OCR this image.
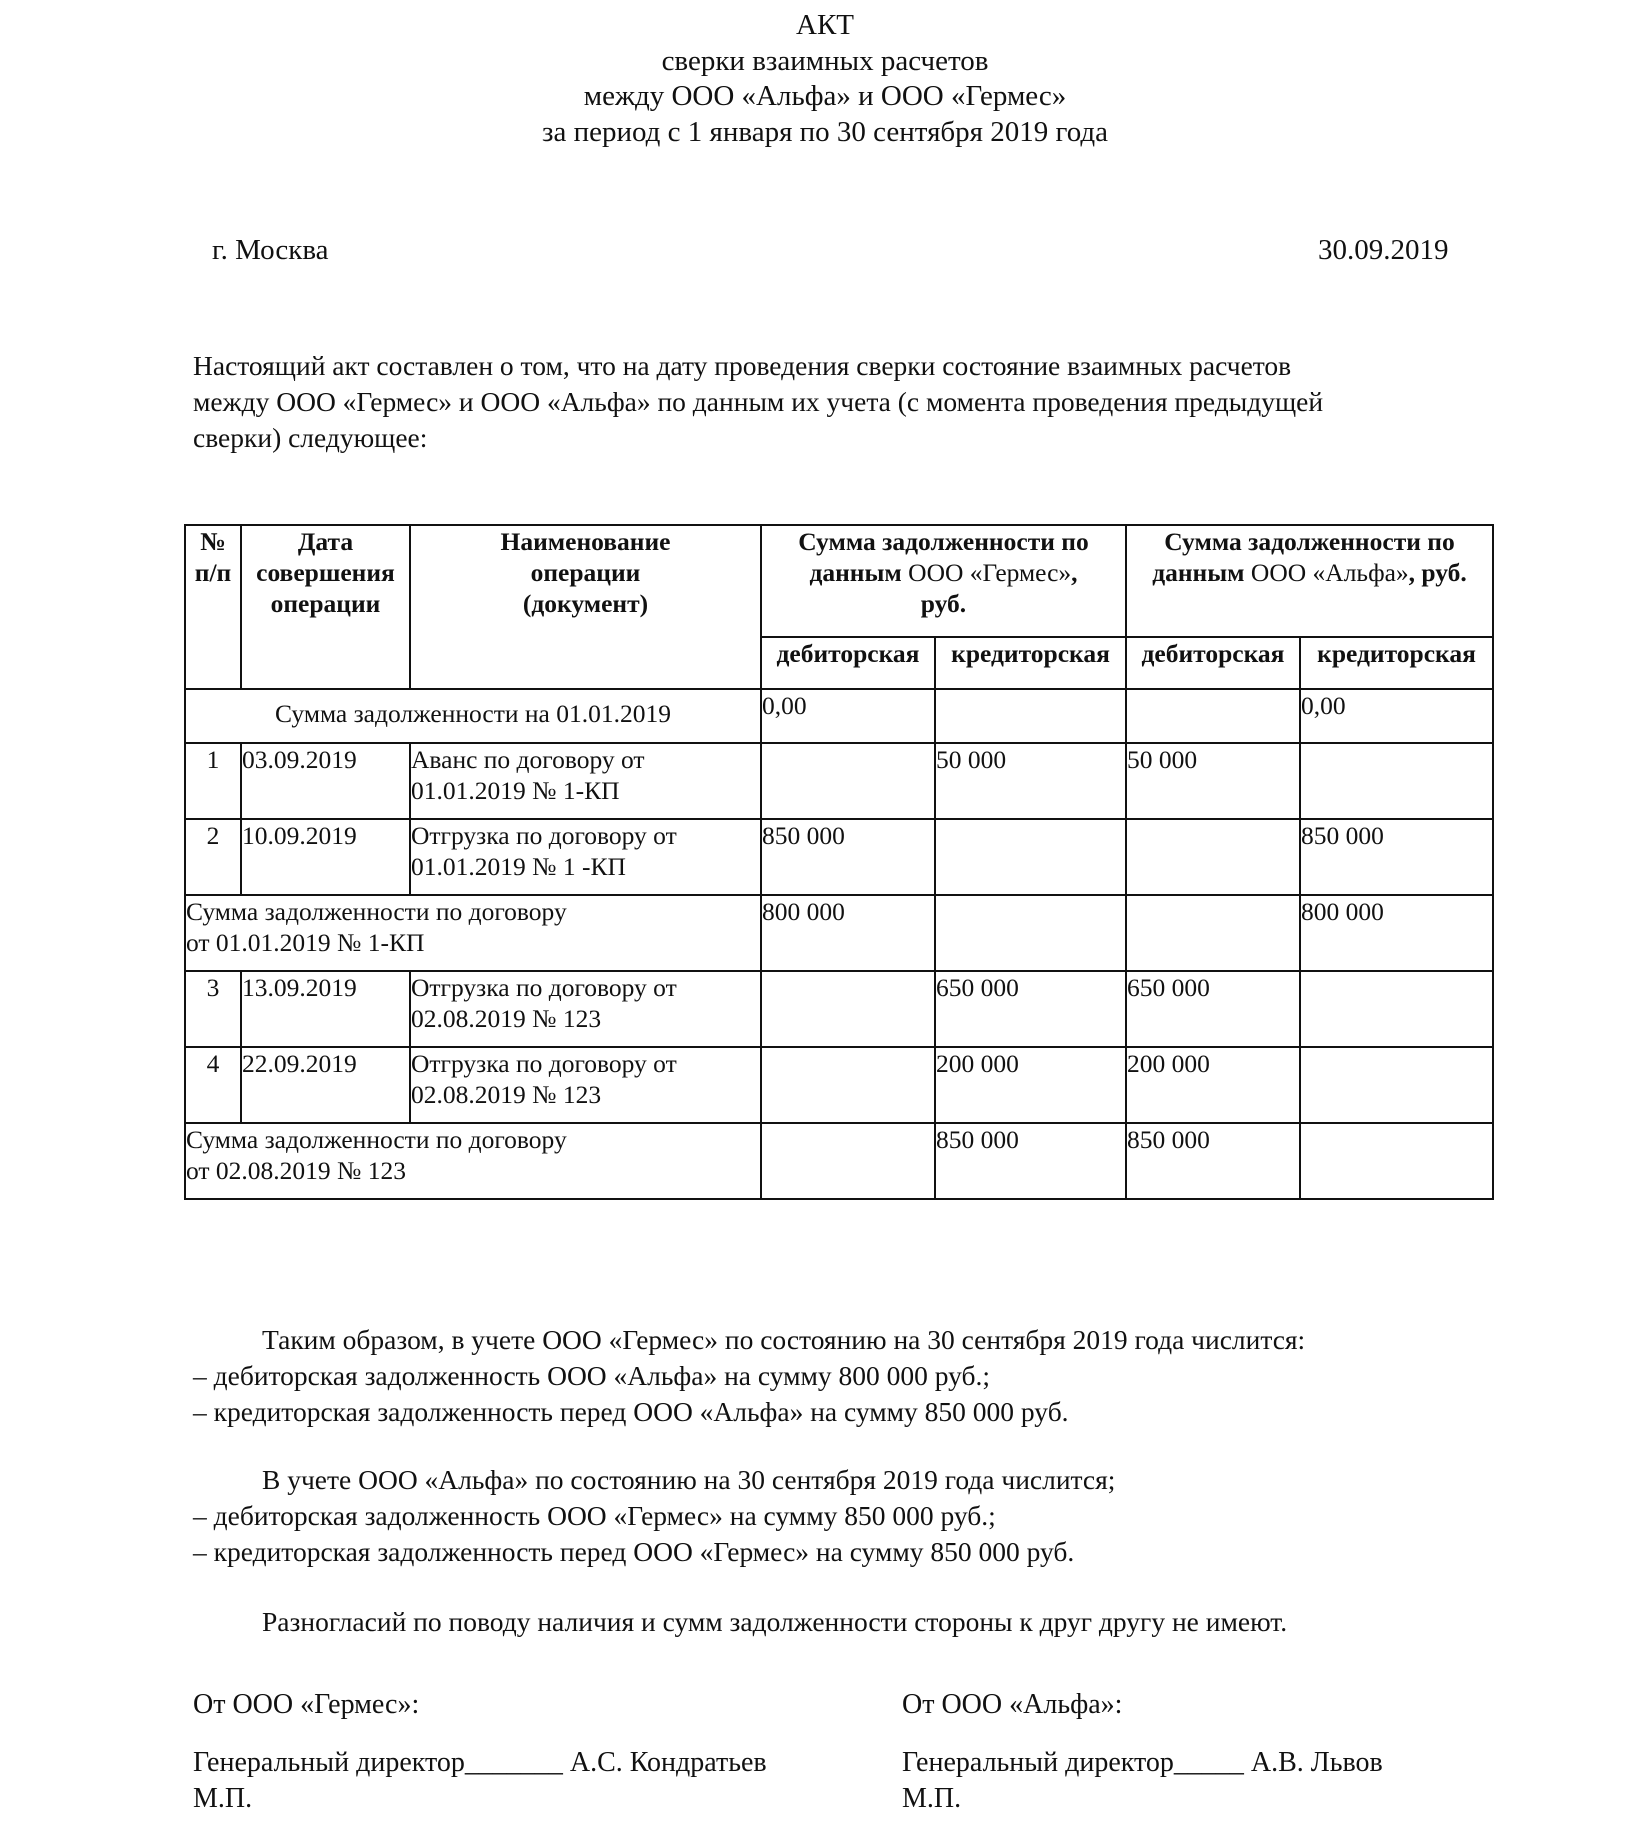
АКТ
сверки взаимных расчетов
между ООО «Альфа» и ООО «Гермес»
за период с 1 января по 30 сентября 2019 года
г. Москва	30.09.2019
Настоящий акт составлен о том, что на дату проведения сверки состояние взаимных расчетов
между ООО «Гермес» и ООО «Альфа» по данным их учета (с момента проведения предыдущей
сверки) следующее:
№
п/п

Дата
совершения
операции

Наименование
операции
(документ)

Сумма задолженности по
данным ООО «Гермес»,
руб.

Сумма задолженности по
данным ООО «Альфа», руб.

			дебиторская	кредиторская	дебиторская	кредиторская
Сумма задолженности на 01.01.2019			0,00			0,00
1	03.09.2019	Аванс по договору от
01.01.2019 № 1-КП		50 000	50 000	
2	10.09.2019	Отгрузка по договору от
01.01.2019 № 1 -КП	850 000			850 000

Сумма задолженности по договору
от 01.01.2019 № 1-КП			800 000			800 000
3	13.09.2019	Отгрузка по договору от
02.08.2019 № 123		650 000	650 000	
4	22.09.2019	Отгрузка по договору от
02.08.2019 № 123		200 000	200 000	

Сумма задолженности по договору
от 02.08.2019 № 123				850 000	850 000	
Таким образом, в учете ООО «Гермес» по состоянию на 30 сентября 2019 года числится:
– дебиторская задолженность ООО «Альфа» на сумму 800 000 руб.;
– кредиторская задолженность перед ООО «Альфа» на сумму 850 000 руб.
В учете ООО «Альфа» по состоянию на 30 сентября 2019 года числится;
– дебиторская задолженность ООО «Гермес» на сумму 850 000 руб.;
– кредиторская задолженность перед ООО «Гермес» на сумму 850 000 руб.
Разногласий по поводу наличия и сумм задолженности стороны к друг другу не имеют.
От ООО «Гермес»:
Генеральный директор_______ А.С. Кондратьев
М.П.
От ООО «Альфа»:
Генеральный директор_____ А.В. Львов
М.П.
